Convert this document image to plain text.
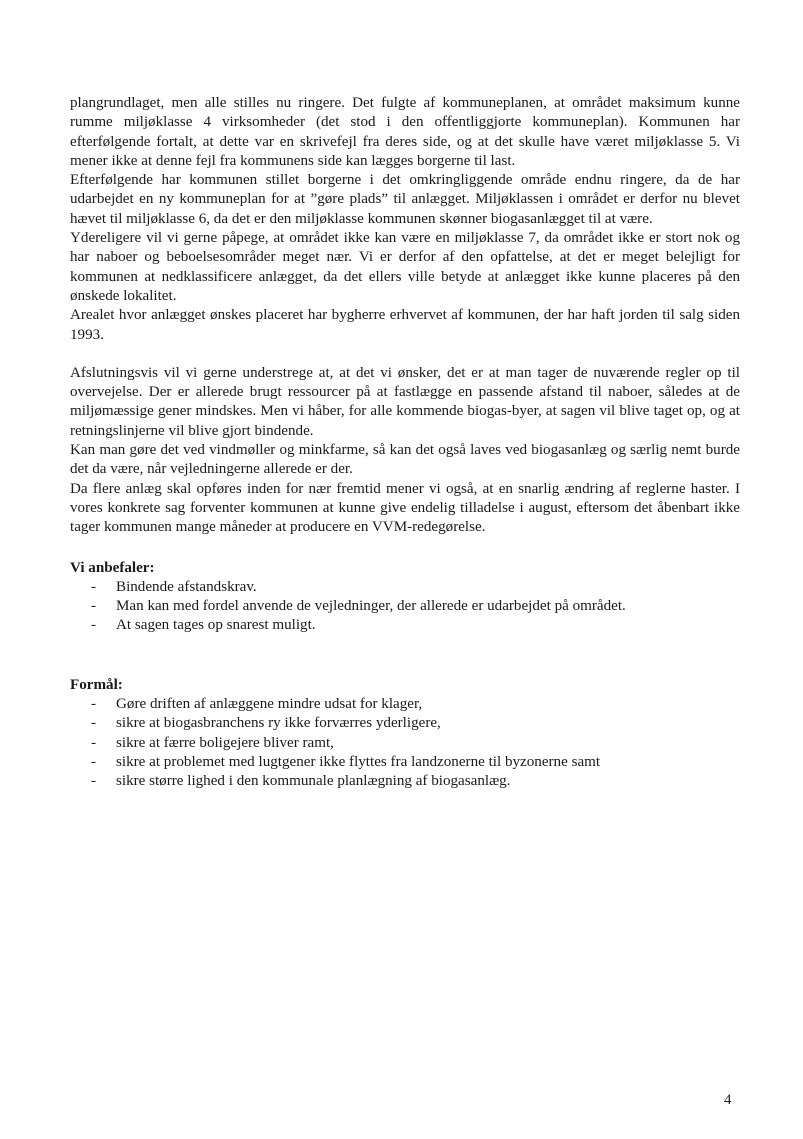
plangrundlaget, men alle stilles nu ringere. Det fulgte af kommuneplanen, at området maksimum kunne rumme miljøklasse 4 virksomheder (det stod i den offentliggjorte kommuneplan). Kommunen har efterfølgende fortalt, at dette var en skrivefejl fra deres side, og at det skulle have været miljøklasse 5. Vi mener ikke at denne fejl fra kommunens side kan lægges borgerne til last.

Efterfølgende har kommunen stillet borgerne i det omkringliggende område endnu ringere, da de har udarbejdet en ny kommuneplan for at ”gøre plads” til anlægget. Miljøklassen i området er derfor nu blevet hævet til miljøklasse 6, da det er den miljøklasse kommunen skønner biogasanlægget til at være.

Ydereligere vil vi gerne påpege, at området ikke kan være en miljøklasse 7, da området ikke er stort nok og har naboer og beboelsesområder meget nær. Vi er derfor af den opfattelse, at det er meget belejligt for kommunen at nedklassificere anlægget, da det ellers ville betyde at anlægget ikke kunne placeres på den ønskede lokalitet.

Arealet hvor anlægget ønskes placeret har bygherre erhvervet af kommunen, der har haft jorden til salg siden 1993.

Afslutningsvis vil vi gerne understrege at, at det vi ønsker, det er at man tager de nuværende regler op til overvejelse. Der er allerede brugt ressourcer på at fastlægge en passende afstand til naboer, således at de miljømæssige gener mindskes. Men vi håber, for alle kommende biogas-byer, at sagen vil blive taget op, og at retningslinjerne vil blive gjort bindende.

Kan man gøre det ved vindmøller og minkfarme, så kan det også laves ved biogasanlæg og særlig nemt burde det da være, når vejledningerne allerede er der.

Da flere anlæg skal opføres inden for nær fremtid mener vi også, at en snarlig ændring af reglerne haster. I vores konkrete sag forventer kommunen at kunne give endelig tilladelse i august, eftersom det åbenbart ikke tager kommunen mange måneder at producere en VVM-redegørelse.

Vi anbefaler:

- Bindende afstandskrav.
- Man kan med fordel anvende de vejledninger, der allerede er udarbejdet på området.
- At sagen tages op snarest muligt.

Formål:

- Gøre driften af anlæggene mindre udsat for klager,
- sikre at biogasbranchens ry ikke forværres yderligere,
- sikre at færre boligejere bliver ramt,
- sikre at problemet med lugtgener ikke flyttes fra landzonerne til byzonerne samt
- sikre større lighed i den kommunale planlægning af biogasanlæg.
4
